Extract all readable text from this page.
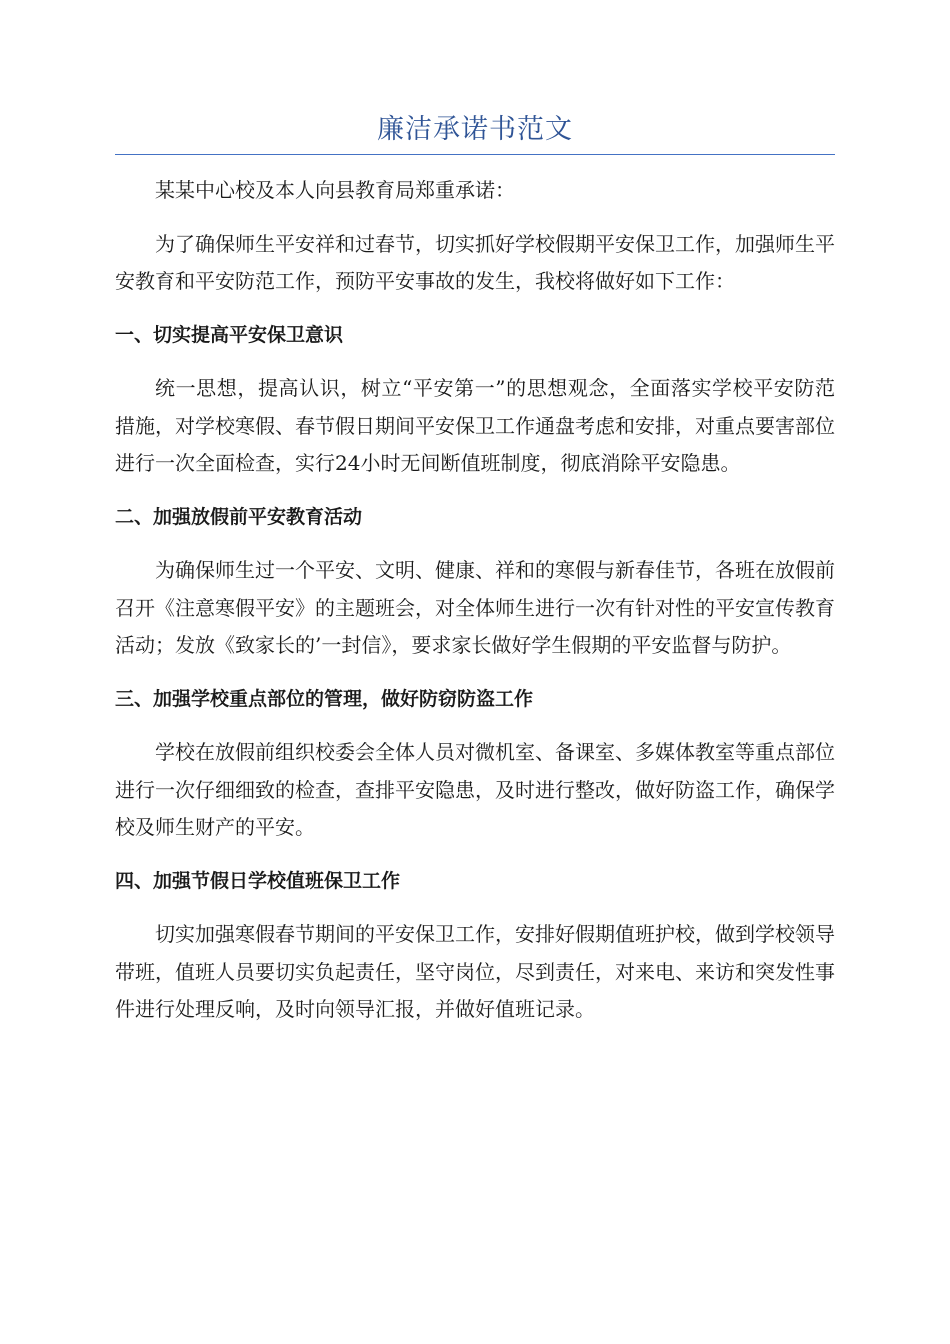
廉洁承诺书范文

某某中心校及本人向县教育局郑重承诺：

为了确保师生平安祥和过春节，切实抓好学校假期平安保卫工作，加强师生平安教育和平安防范工作，预防平安事故的发生，我校将做好如下工作：

一、切实提高平安保卫意识

统一思想，提高认识，树立“平安第一”的思想观念，全面落实学校平安防范措施，对学校寒假、春节假日期间平安保卫工作通盘考虑和安排，对重点要害部位进行一次全面检查，实行24小时无间断值班制度，彻底消除平安隐患。

二、加强放假前平安教育活动

为确保师生过一个平安、文明、健康、祥和的寒假与新春佳节，各班在放假前召开《注意寒假平安》的主题班会，对全体师生进行一次有针对性的平安宣传教育活动；发放《致家长的’一封信》，要求家长做好学生假期的平安监督与防护。

三、加强学校重点部位的管理，做好防窃防盗工作

学校在放假前组织校委会全体人员对微机室、备课室、多媒体教室等重点部位进行一次仔细细致的检查，查排平安隐患，及时进行整改，做好防盗工作，确保学校及师生财产的平安。

四、加强节假日学校值班保卫工作

切实加强寒假春节期间的平安保卫工作，安排好假期值班护校，做到学校领导带班，值班人员要切实负起责任，坚守岗位，尽到责任，对来电、来访和突发性事件进行处理反响，及时向领导汇报，并做好值班记录。
